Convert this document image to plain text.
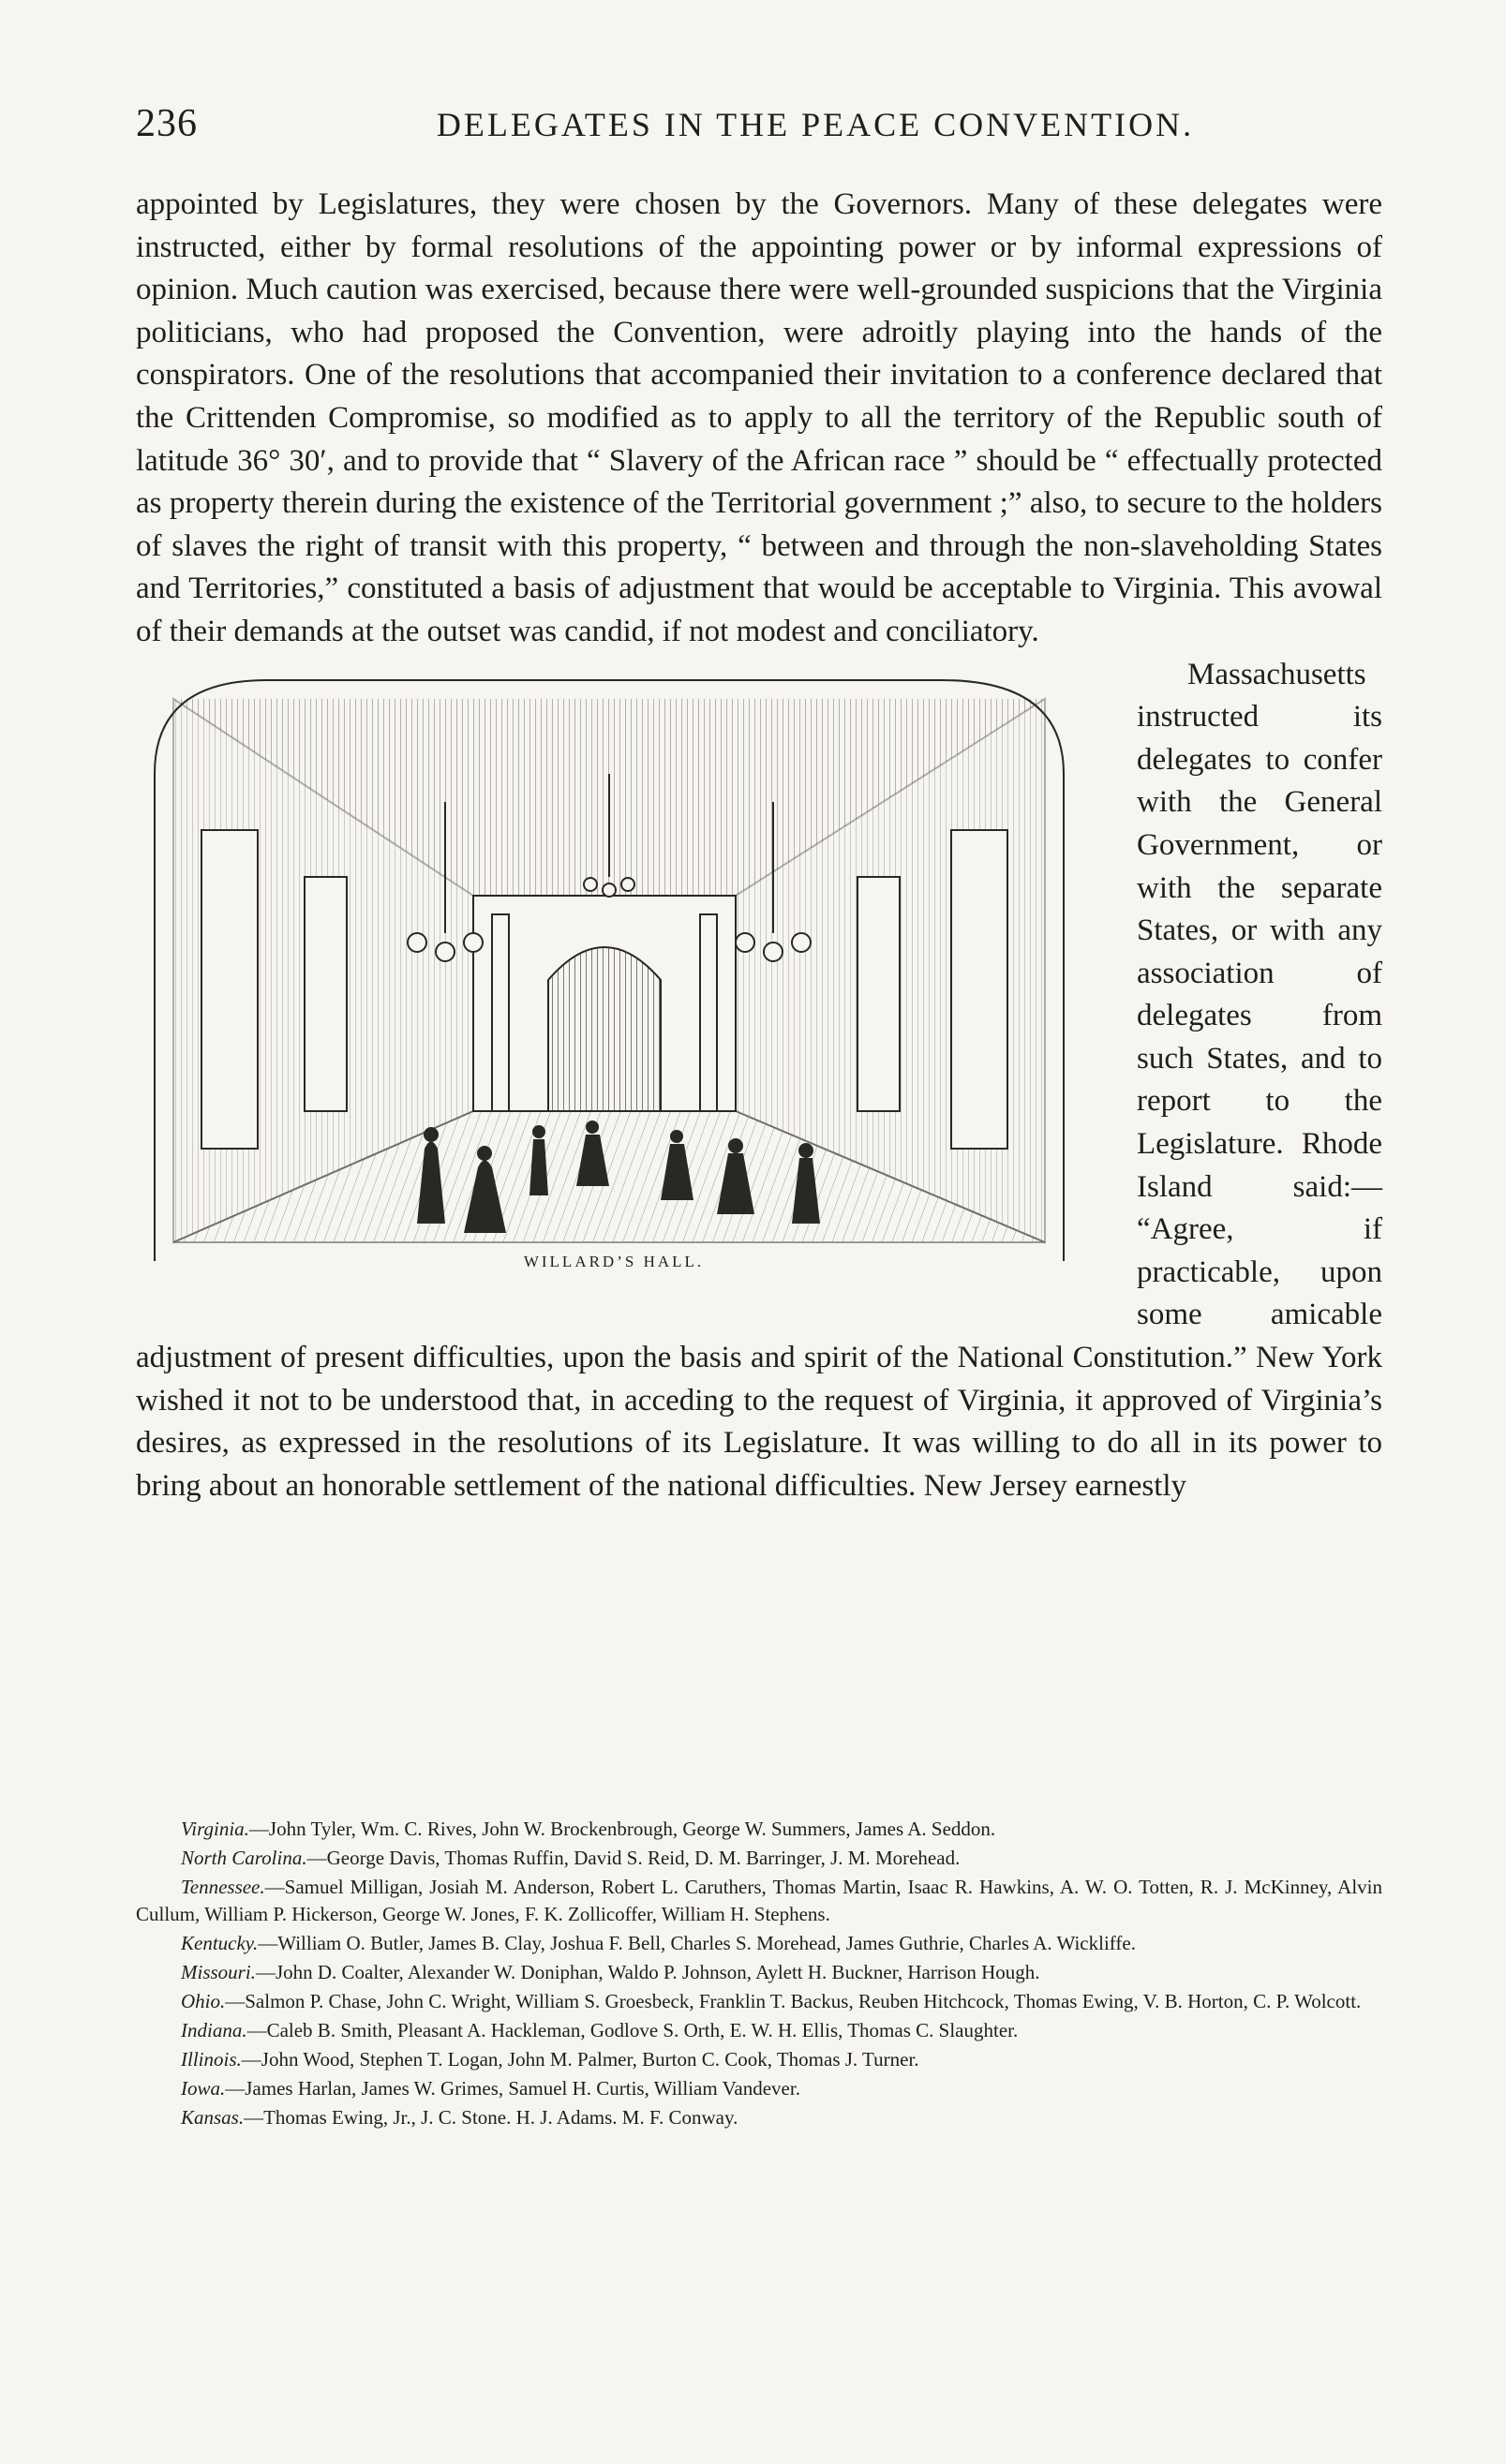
236	DELEGATES IN THE PEACE CONVENTION.

appointed by Legislatures, they were chosen by the Governors. Many of these delegates were instructed, either by formal resolutions of the appointing power or by informal expressions of opinion. Much caution was exercised, because there were well-grounded suspicions that the Virginia politicians, who had proposed the Convention, were adroitly playing into the hands of the conspirators. One of the resolutions that accompanied their invitation to a conference declared that the Crittenden Compromise, so modified as to apply to all the territory of the Republic south of latitude 36° 30′, and to provide that “ Slavery of the African race ” should be “ effectually protected as property therein during the existence of the Territorial government ;” also, to secure to the holders of slaves the right of transit with this property, “ between and through the non-slaveholding States and Territories,” constituted a basis of adjustment that would be acceptable to Virginia. This avowal of their demands at the outset was candid, if not modest and conciliatory.

WILLARD’S HALL.

Massachusetts instructed its delegates to confer with the General Government, or with the separate States, or with any association of delegates from such States, and to report to the Legislature. Rhode Island said:— “Agree, if practicable, upon some amicable adjustment of present difficulties, upon the basis and spirit of the National Constitution.” New York wished it not to be understood that, in acceding to the request of Virginia, it approved of Virginia’s desires, as expressed in the resolutions of its Legislature. It was willing to do all in its power to bring about an honorable settlement of the national difficulties. New Jersey earnestly

Virginia.—John Tyler, Wm. C. Rives, John W. Brockenbrough, George W. Summers, James A. Seddon.

North Carolina.—George Davis, Thomas Ruffin, David S. Reid, D. M. Barringer, J. M. Morehead.

Tennessee.—Samuel Milligan, Josiah M. Anderson, Robert L. Caruthers, Thomas Martin, Isaac R. Hawkins, A. W. O. Totten, R. J. McKinney, Alvin Cullum, William P. Hickerson, George W. Jones, F. K. Zollicoffer, William H. Stephens.

Kentucky.—William O. Butler, James B. Clay, Joshua F. Bell, Charles S. Morehead, James Guthrie, Charles A. Wickliffe.

Missouri.—John D. Coalter, Alexander W. Doniphan, Waldo P. Johnson, Aylett H. Buckner, Harrison Hough.

Ohio.—Salmon P. Chase, John C. Wright, William S. Groesbeck, Franklin T. Backus, Reuben Hitchcock, Thomas Ewing, V. B. Horton, C. P. Wolcott.

Indiana.—Caleb B. Smith, Pleasant A. Hackleman, Godlove S. Orth, E. W. H. Ellis, Thomas C. Slaughter.

Illinois.—John Wood, Stephen T. Logan, John M. Palmer, Burton C. Cook, Thomas J. Turner.

Iowa.—James Harlan, James W. Grimes, Samuel H. Curtis, William Vandever.

Kansas.—Thomas Ewing, Jr., J. C. Stone. H. J. Adams. M. F. Conway.
